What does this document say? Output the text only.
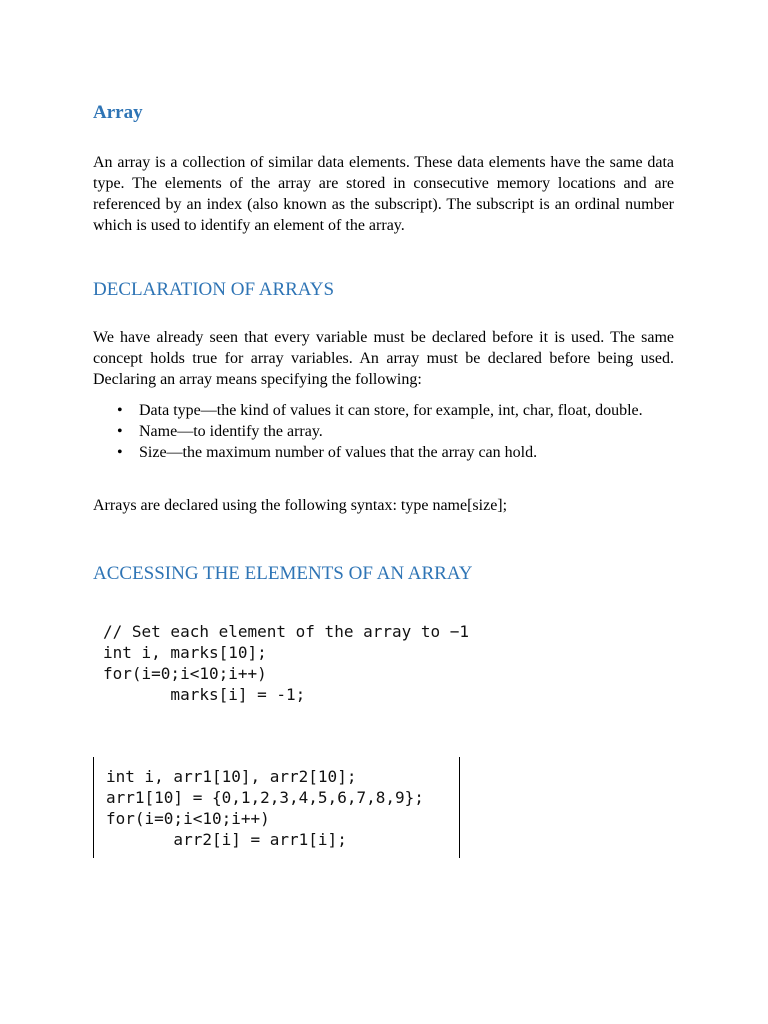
Array

An array is a collection of similar data elements. These data elements have the same data type. The elements of the array are stored in consecutive memory locations and are referenced by an index (also known as the subscript). The subscript is an ordinal number which is used to identify an element of the array.

DECLARATION OF ARRAYS

We have already seen that every variable must be declared before it is used. The same concept holds true for array variables. An array must be declared before being used. Declaring an array means specifying the following:

• Data type—the kind of values it can store, for example, int, char, float, double.
• Name—to identify the array.
• Size—the maximum number of values that the array can hold.

Arrays are declared using the following syntax: type name[size];

ACCESSING THE ELEMENTS OF AN ARRAY
// Set each element of the array to −1
int i, marks[10];
for(i=0;i<10;i++)
marks[i] = -1;
int i, arr1[10], arr2[10];
arr1[10] = {0,1,2,3,4,5,6,7,8,9};
for(i=0;i<10;i++)
arr2[i] = arr1[i];
